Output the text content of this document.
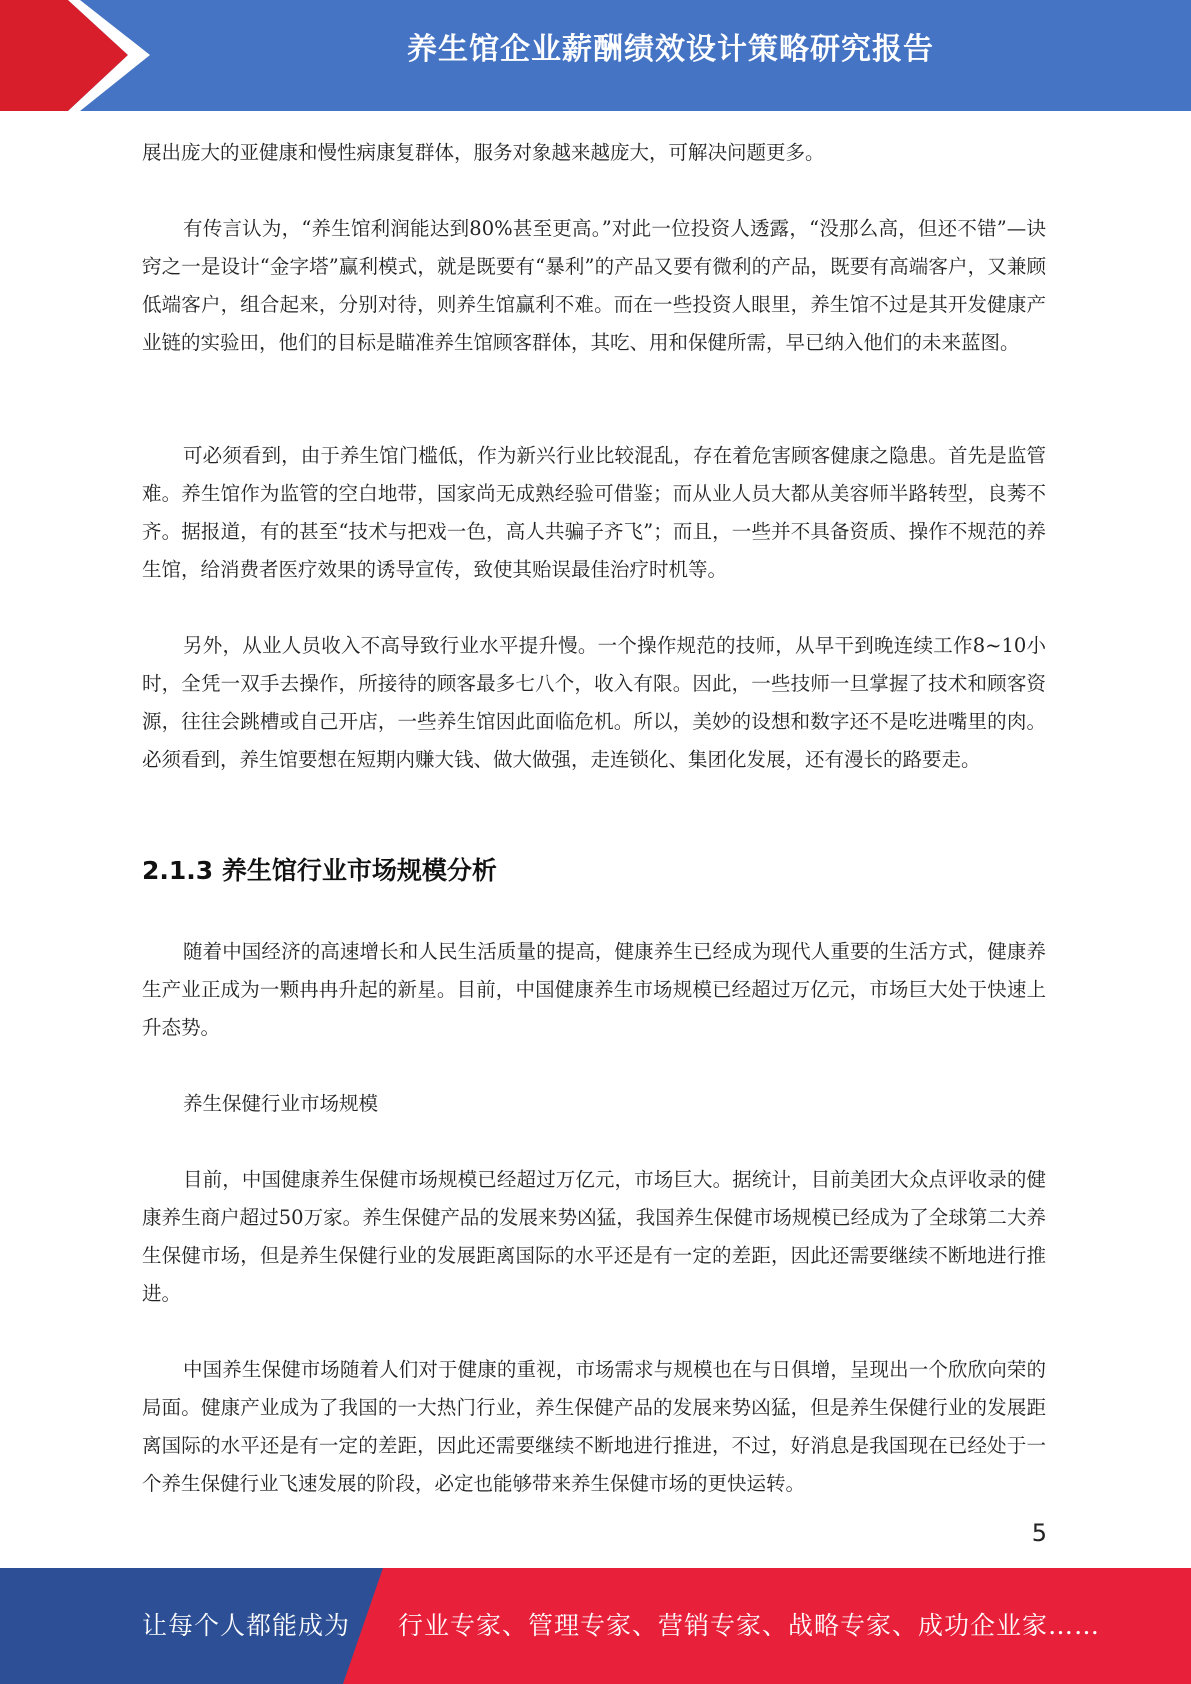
养生馆企业薪酬绩效设计策略研究报告

展出庞大的亚健康和慢性病康复群体，服务对象越来越庞大，可解决问题更多。

有传言认为，“养生馆利润能达到80%甚至更高。”对此一位投资人透露，“没那么高，但还不错”—诀窍之一是设计“金字塔”赢利模式，就是既要有“暴利”的产品又要有微利的产品，既要有高端客户，又兼顾低端客户，组合起来，分别对待，则养生馆赢利不难。而在一些投资人眼里，养生馆不过是其开发健康产业链的实验田，他们的目标是瞄准养生馆顾客群体，其吃、用和保健所需，早已纳入他们的未来蓝图。

可必须看到，由于养生馆门槛低，作为新兴行业比较混乱，存在着危害顾客健康之隐患。首先是监管难。养生馆作为监管的空白地带，国家尚无成熟经验可借鉴；而从业人员大都从美容师半路转型，良莠不齐。据报道，有的甚至“技术与把戏一色，高人共骗子齐飞”；而且，一些并不具备资质、操作不规范的养生馆，给消费者医疗效果的诱导宣传，致使其贻误最佳治疗时机等。

另外，从业人员收入不高导致行业水平提升慢。一个操作规范的技师，从早干到晚连续工作8~10小时，全凭一双手去操作，所接待的顾客最多七八个，收入有限。因此，一些技师一旦掌握了技术和顾客资源，往往会跳槽或自己开店，一些养生馆因此面临危机。所以，美妙的设想和数字还不是吃进嘴里的肉。必须看到，养生馆要想在短期内赚大钱、做大做强，走连锁化、集团化发展，还有漫长的路要走。

2.1.3 养生馆行业市场规模分析

随着中国经济的高速增长和人民生活质量的提高，健康养生已经成为现代人重要的生活方式，健康养生产业正成为一颗冉冉升起的新星。目前，中国健康养生市场规模已经超过万亿元，市场巨大处于快速上升态势。

养生保健行业市场规模

目前，中国健康养生保健市场规模已经超过万亿元，市场巨大。据统计，目前美团大众点评收录的健康养生商户超过50万家。养生保健产品的发展来势凶猛，我国养生保健市场规模已经成为了全球第二大养生保健市场，但是养生保健行业的发展距离国际的水平还是有一定的差距，因此还需要继续不断地进行推进。

中国养生保健市场随着人们对于健康的重视，市场需求与规模也在与日俱增，呈现出一个欣欣向荣的局面。健康产业成为了我国的一大热门行业，养生保健产品的发展来势凶猛，但是养生保健行业的发展距离国际的水平还是有一定的差距，因此还需要继续不断地进行推进，不过，好消息是我国现在已经处于一个养生保健行业飞速发展的阶段，必定也能够带来养生保健市场的更快运转。

5
让每个人都能成为 行业专家、管理专家、营销专家、战略专家、成功企业家……
